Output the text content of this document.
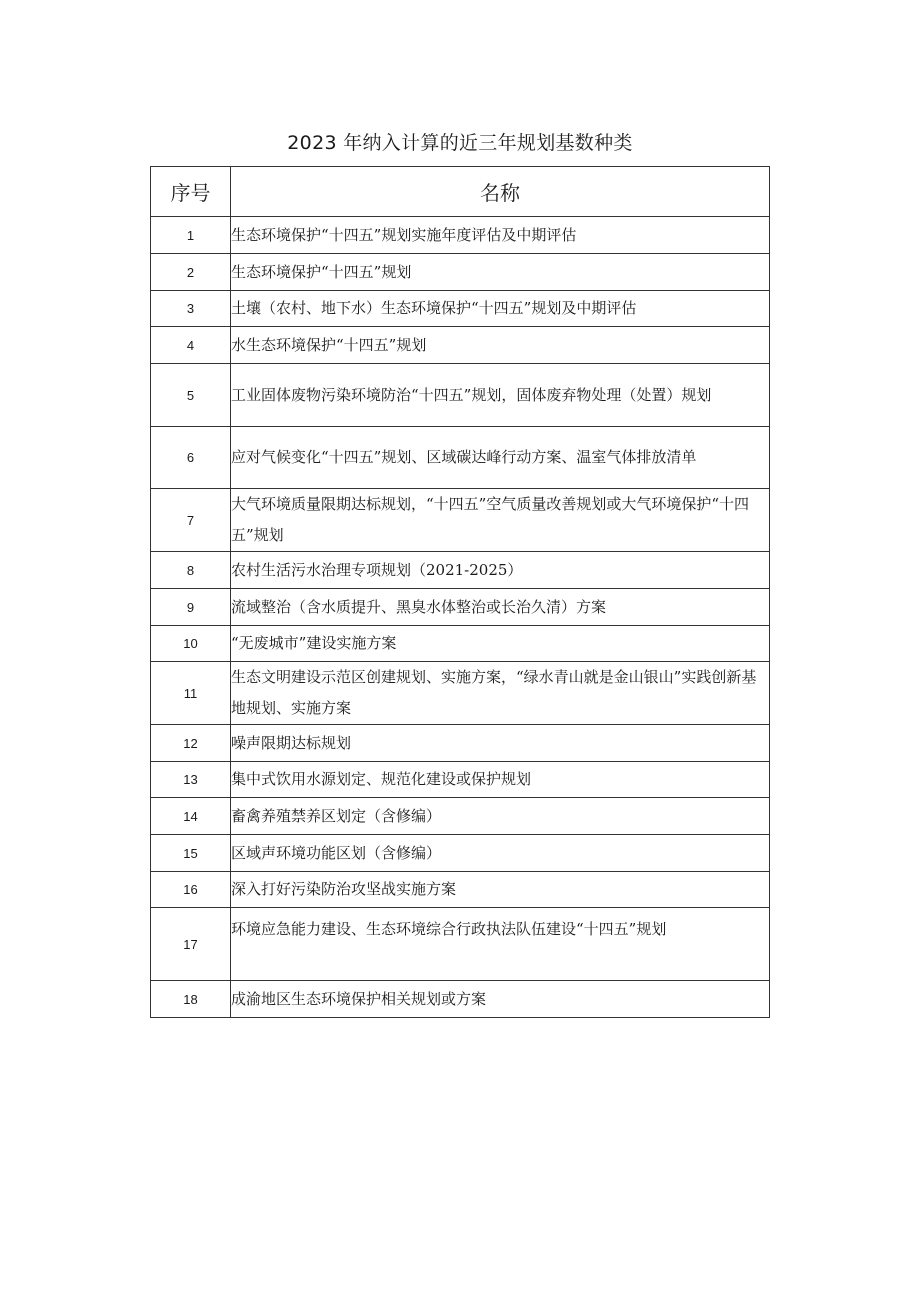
2023 年纳入计算的近三年规划基数种类
序号	名称
1	生态环境保护“十四五”规划实施年度评估及中期评估
2	生态环境保护“十四五”规划
3	土壤（农村、地下水）生态环境保护“十四五”规划及中期评估
4	水生态环境保护“十四五”规划
5	工业固体废物污染环境防治“十四五”规划，固体废弃物处理（处置）规划
6	应对气候变化“十四五”规划、区域碳达峰行动方案、温室气体排放清单
7	大气环境质量限期达标规划，“十四五”空气质量改善规划或大气环境保护“十四五”规划
8	农村生活污水治理专项规划（2021-2025）
9	流域整治（含水质提升、黑臭水体整治或长治久清）方案
10	“无废城市”建设实施方案
11	生态文明建设示范区创建规划、实施方案，“绿水青山就是金山银山”实践创新基地规划、实施方案
12	噪声限期达标规划
13	集中式饮用水源划定、规范化建设或保护规划
14	畜禽养殖禁养区划定（含修编）
15	区域声环境功能区划（含修编）
16	深入打好污染防治攻坚战实施方案
17	环境应急能力建设、生态环境综合行政执法队伍建设“十四五”规划
18	成渝地区生态环境保护相关规划或方案
